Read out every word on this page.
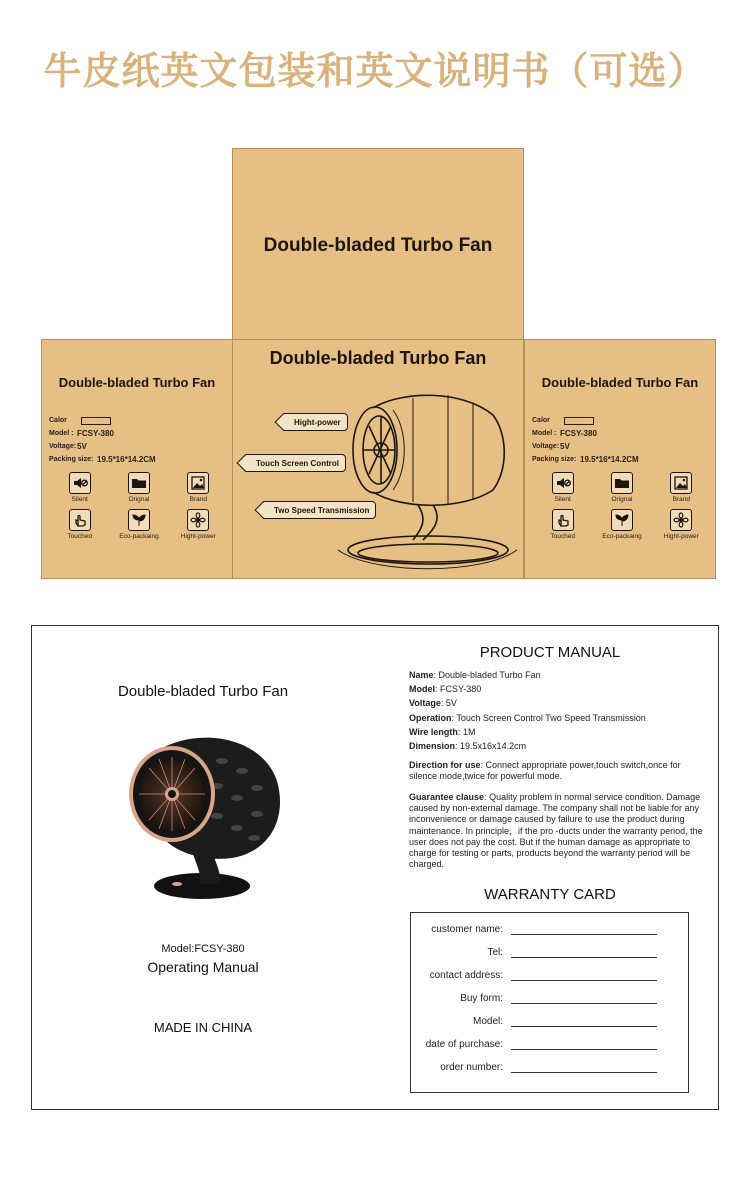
牛皮纸英文包装和英文说明书（可选）
Double-bladed Turbo Fan
Double-bladed Turbo Fan
Calor
Model : FCSY-380
Voltage: 5V
Packing size: 19.5*16*14.2CM
Silent	Orignal	Brand
Touched	Eco-packaing	Hight-power
Double-bladed Turbo Fan
Hight-power
Touch Screen Control
Two Speed Transmission
Double-bladed Turbo Fan
Calor
Model : FCSY-380
Voltage: 5V
Packing size: 19.5*16*14.2CM
Silent	Orignal	Brand
Touched	Eco-packaing	Hight-power
Double-bladed Turbo Fan
Model:FCSY-380
Operating Manual
MADE IN CHINA
PRODUCT MANUAL
Name: Double-bladed Turbo Fan
Model: FCSY-380
Voltage: 5V
Operation: Touch Screen Control Two Speed Transmission
Wire length: 1M
Dimension: 19.5x16x14.2cm
Direction for use: Connect appropriate power,touch switch,once for silence mode,twice for powerful mode.
Guarantee clause: Quality problem in normal service condition. Damage caused by non-external damage. The company shall not be liable for any inconvenience or damage caused by failure to use the product during maintenance. In principle，if the pro -ducts under the warranty period, the user does not pay the cost. But if the human damage as appropriate to charge for testing or parts, products beyond the warranty period will be charged.
WARRANTY CARD
customer name:
Tel:
contact address:
Buy form:
Model:
date of purchase:
order number:
